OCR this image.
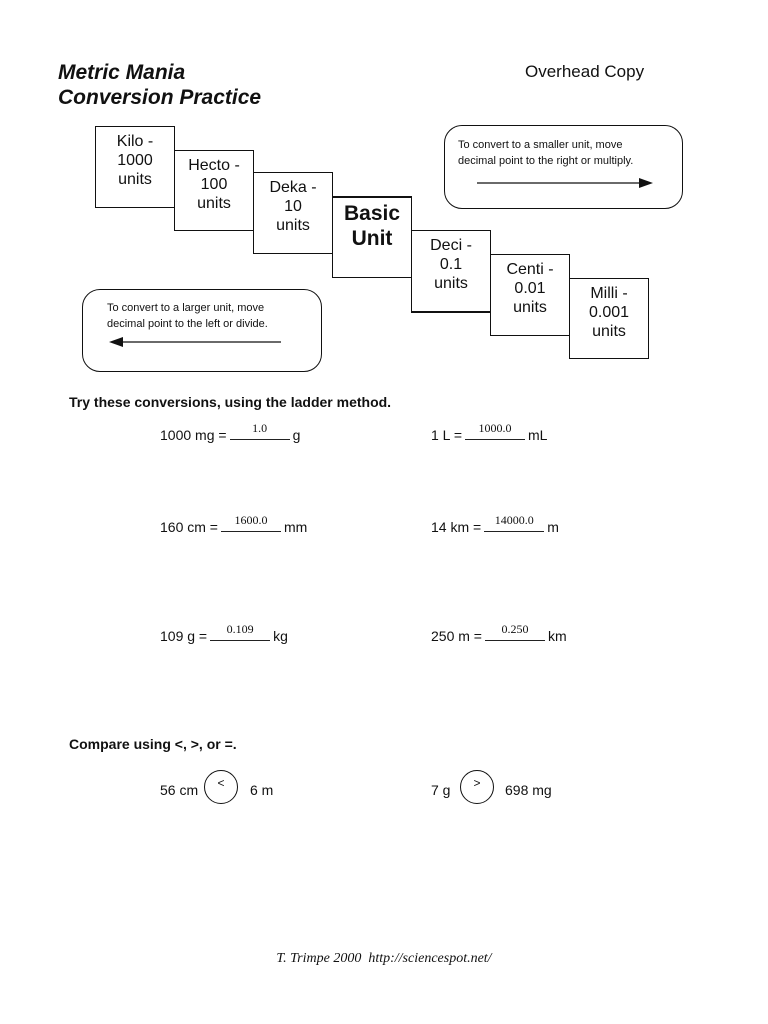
Metric Mania
Conversion Practice
Overhead Copy
Kilo -
1000
units
Hecto -
100
units
Deka -
10
units
Basic
Unit Deci -
0.1
units
Centi -
0.01
units
Milli -
0.001
units
To convert to a smaller unit, move
decimal point to the right or multiply.
To convert to a larger unit, move
decimal point to the left or divide.
Try these conversions, using the ladder method.
1000 mg =	1.0	g	1 L =	1000.0	mL
160 cm =	1600.0	mm	14 km =	14000.0 m
109 g =	0.109	kg	250 m =	0.250	km
Compare using <, >, or =.
56 cm	<	6 m	7 g	>	698 mg
T. Trimpe 2000  http://sciencespot.net/
